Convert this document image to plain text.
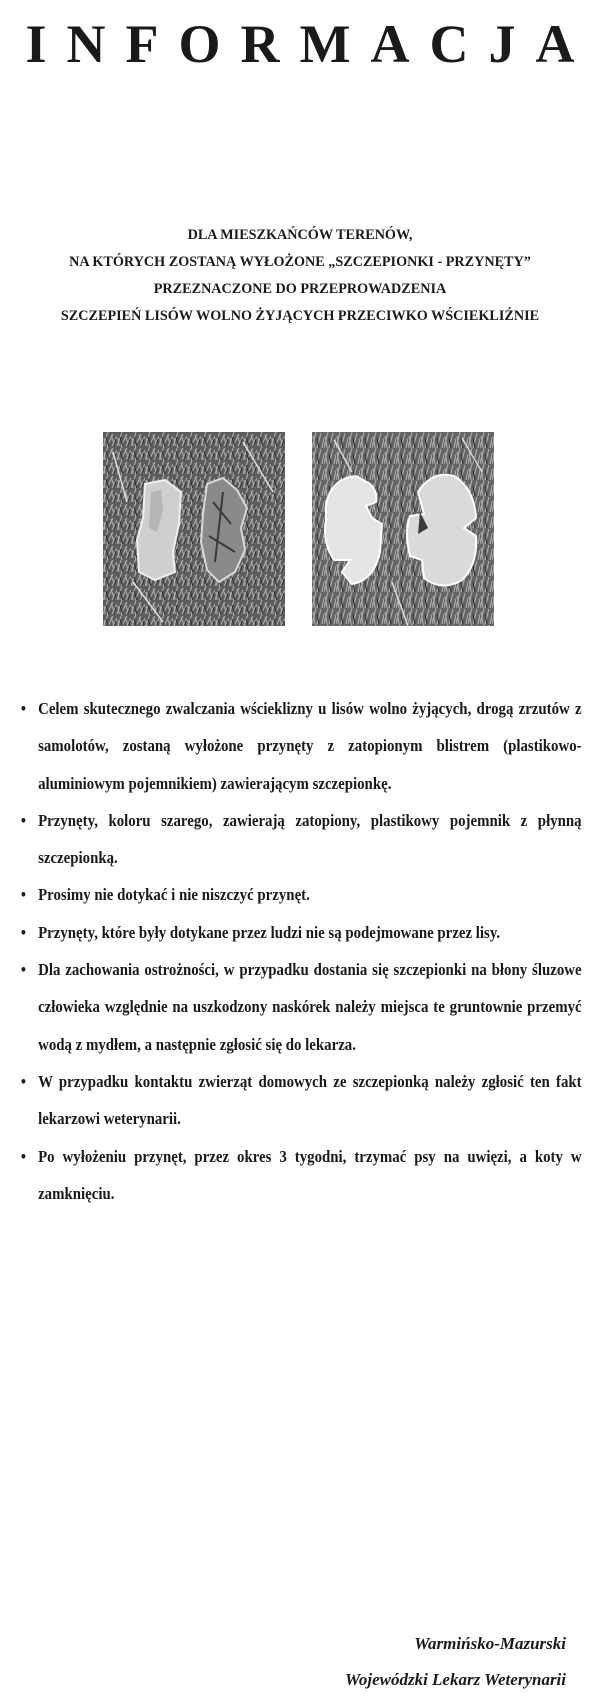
INFORMACJA
DLA MIESZKAŃCÓW TERENÓW,
NA KTÓRYCH ZOSTANĄ WYŁOŻONE „SZCZEPIONKI - PRZYNĘTY”
PRZEZNACZONE DO PRZEPROWADZENIA
SZCZEPIEŃ LISÓW WOLNO ŻYJĄCYCH PRZECIWKO WŚCIEKLIŹNIE
• Celem skutecznego zwalczania wścieklizny u lisów wolno żyjących, drogą zrzutów z samolotów, zostaną wyłożone przynęty z zatopionym blistrem (plastikowo-aluminiowym pojemnikiem) zawierającym szczepionkę.
• Przynęty, koloru szarego, zawierają zatopiony, plastikowy pojemnik z płynną szczepionką.
• Prosimy nie dotykać i nie niszczyć przynęt.
• Przynęty, które były dotykane przez ludzi nie są podejmowane przez lisy.
• Dla zachowania ostrożności, w przypadku dostania się szczepionki na błony śluzowe człowieka względnie na uszkodzony naskórek należy miejsca te gruntownie przemyć wodą z mydłem, a następnie zgłosić się do lekarza.
• W przypadku kontaktu zwierząt domowych ze szczepionką należy zgłosić ten fakt lekarzowi weterynarii.
• Po wyłożeniu przynęt, przez okres 3 tygodni, trzymać psy na uwięzi, a koty w zamknięciu.
Warmińsko-Mazurski
Wojewódzki Lekarz Weterynarii
